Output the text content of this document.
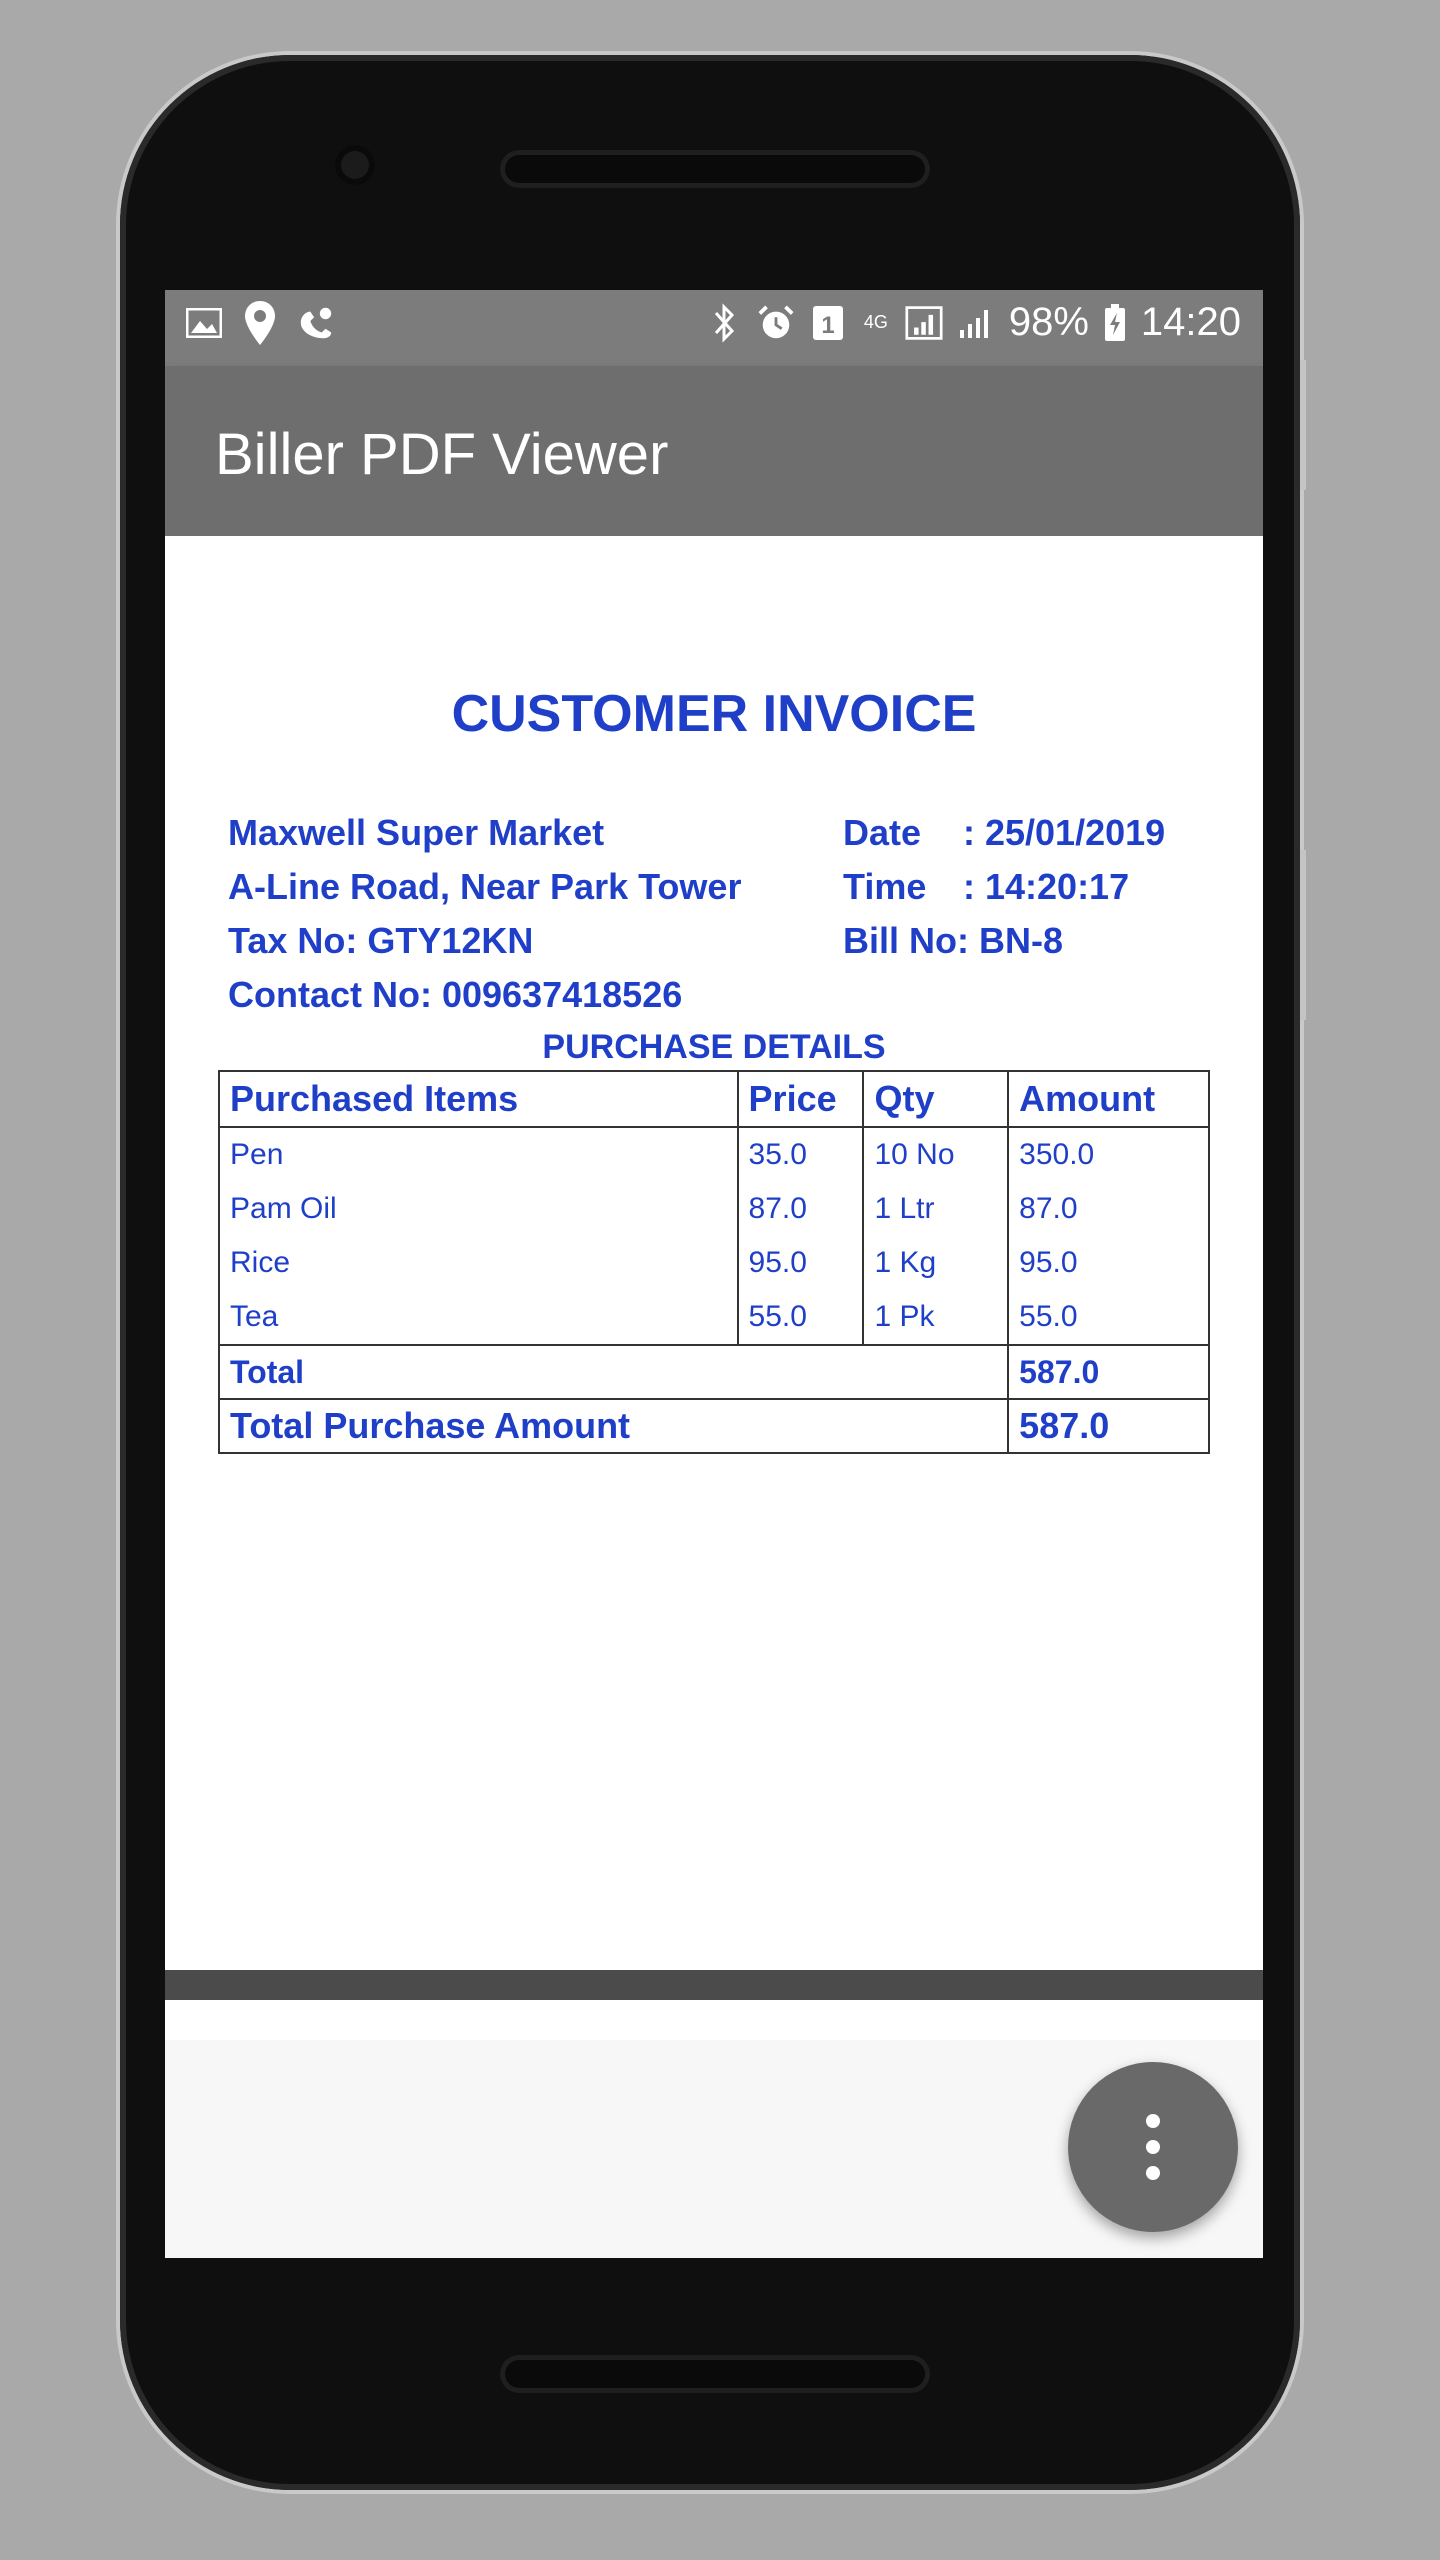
1 4G	98% 14:20
Biller PDF Viewer
CUSTOMER INVOICE
Maxwell Super Market
A-Line Road, Near Park Tower
Tax No: GTY12KN
Contact No: 009637418526
Date : 25/01/2019
Time : 14:20:17
Bill No: BN-8
PURCHASE DETAILS
Purchased Items	Price	Qty	Amount
Pen	35.0	10 No	350.0
Pam Oil	87.0	1 Ltr	87.0
Rice	95.0	1 Kg	95.0
Tea	55.0	1 Pk	55.0
Total			587.0
Total Purchase Amount			587.0
